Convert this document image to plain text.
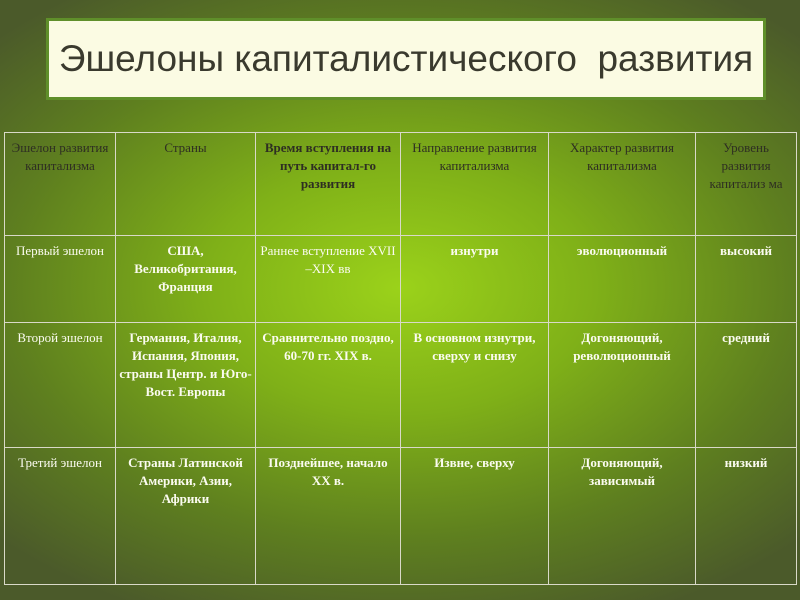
Эшелоны капиталистического  развития
Эшелон развития капитализма	Страны	Время вступления на путь капитал-го развития	Направление развития капитализма	Характер развития капитализма	Уровень развития капитализ ма
Первый эшелон	США, Великобритания, Франция	Раннее вступление XVII –XIX вв	изнутри	эволюционный	высокий
Второй эшелон	Германия, Италия, Испания, Япония, страны Центр. и Юго-Вост. Европы	Сравнительно поздно, 60-70 гг. XIX в.	В основном изнутри, сверху и снизу	Догоняющий, революционный	средний
Третий эшелон	Страны Латинской Америки, Азии, Африки	Позднейшее, начало XX в.	Извне, сверху	Догоняющий, зависимый	низкий
